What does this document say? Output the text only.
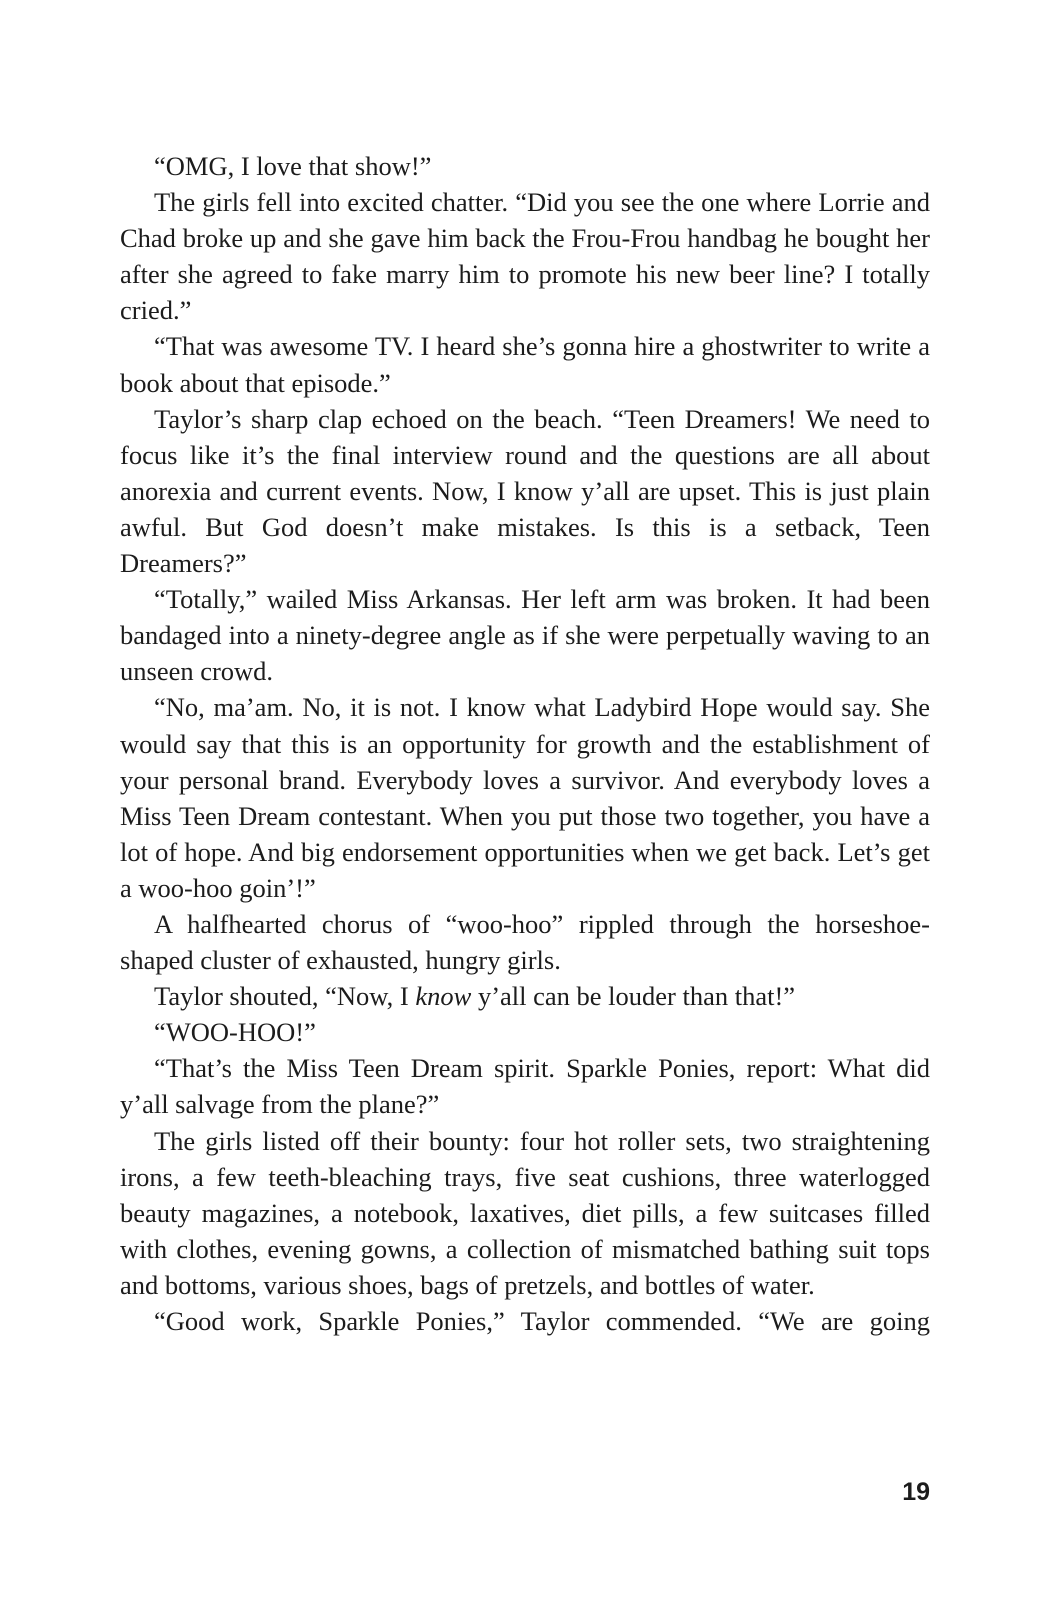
“OMG, I love that show!”

The girls fell into excited chatter. “Did you see the one where Lorrie and Chad broke up and she gave him back the Frou-Frou handbag he bought her after she agreed to fake marry him to promote his new beer line? I totally cried.”

“That was awesome TV. I heard she’s gonna hire a ghostwriter to write a book about that episode.”

Taylor’s sharp clap echoed on the beach. “Teen Dreamers! We need to focus like it’s the final interview round and the questions are all about anorexia and current events. Now, I know y’all are upset. This is just plain awful. But God doesn’t make mistakes. Is this is a setback, Teen Dreamers?”

“Totally,” wailed Miss Arkansas. Her left arm was broken. It had been bandaged into a ninety-degree angle as if she were perpetually waving to an unseen crowd.

“No, ma’am. No, it is not. I know what Ladybird Hope would say. She would say that this is an opportunity for growth and the establishment of your personal brand. Everybody loves a survivor. And everybody loves a Miss Teen Dream contestant. When you put those two together, you have a lot of hope. And big endorsement opportunities when we get back. Let’s get a woo-hoo goin’!”

A halfhearted chorus of “woo-hoo” rippled through the horseshoe-shaped cluster of exhausted, hungry girls.

Taylor shouted, “Now, I know y’all can be louder than that!”

“WOO-HOO!”

“That’s the Miss Teen Dream spirit. Sparkle Ponies, report: What did y’all salvage from the plane?”

The girls listed off their bounty: four hot roller sets, two straightening irons, a few teeth-bleaching trays, five seat cushions, three waterlogged beauty magazines, a notebook, laxatives, diet pills, a few suitcases filled with clothes, evening gowns, a collection of mismatched bathing suit tops and bottoms, various shoes, bags of pretzels, and bottles of water.

“Good work, Sparkle Ponies,” Taylor commended. “We are going

19
